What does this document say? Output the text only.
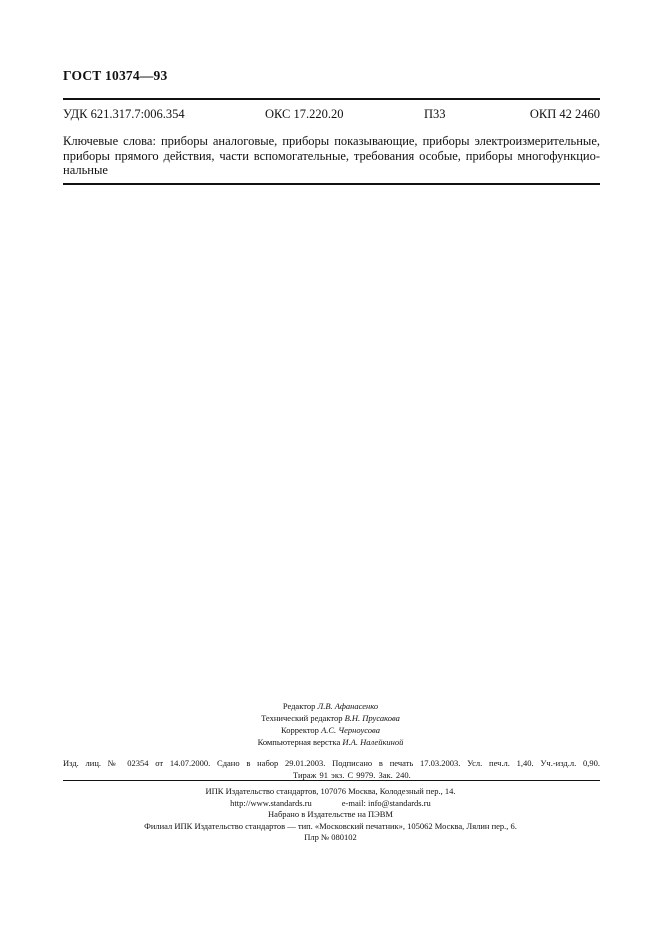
ГОСТ 10374—93
УДК 621.317.7:006.354	ОКС 17.220.20	П33	ОКП 42 2460
Ключевые слова: приборы аналоговые, приборы показывающие, приборы электроизмерительные,
приборы прямого действия, части вспомогательные, требования особые, приборы многофункцио-
нальные
Редактор Л.В. Афанасенко
Технический редактор В.Н. Прусакова
Корректор А.С. Черноусова
Компьютерная верстка И.А. Налейкиной
Изд. лиц. № 02354 от 14.07.2000. Сдано в набор 29.01.2003. Подписано в печать 17.03.2003. Усл. печ.л. 1,40. Уч.-изд.л. 0,90.
Тираж 91 экз. С 9979. Зак. 240.
ИПК Издательство стандартов, 107076 Москва, Колодезный пер., 14.
http://www.standards.ru	e-mail: info@standards.ru
Набрано в Издательстве на ПЭВМ
Филиал ИПК Издательство стандартов — тип. «Московский печатник», 105062 Москва, Лялин пер., 6.
Плр № 080102
